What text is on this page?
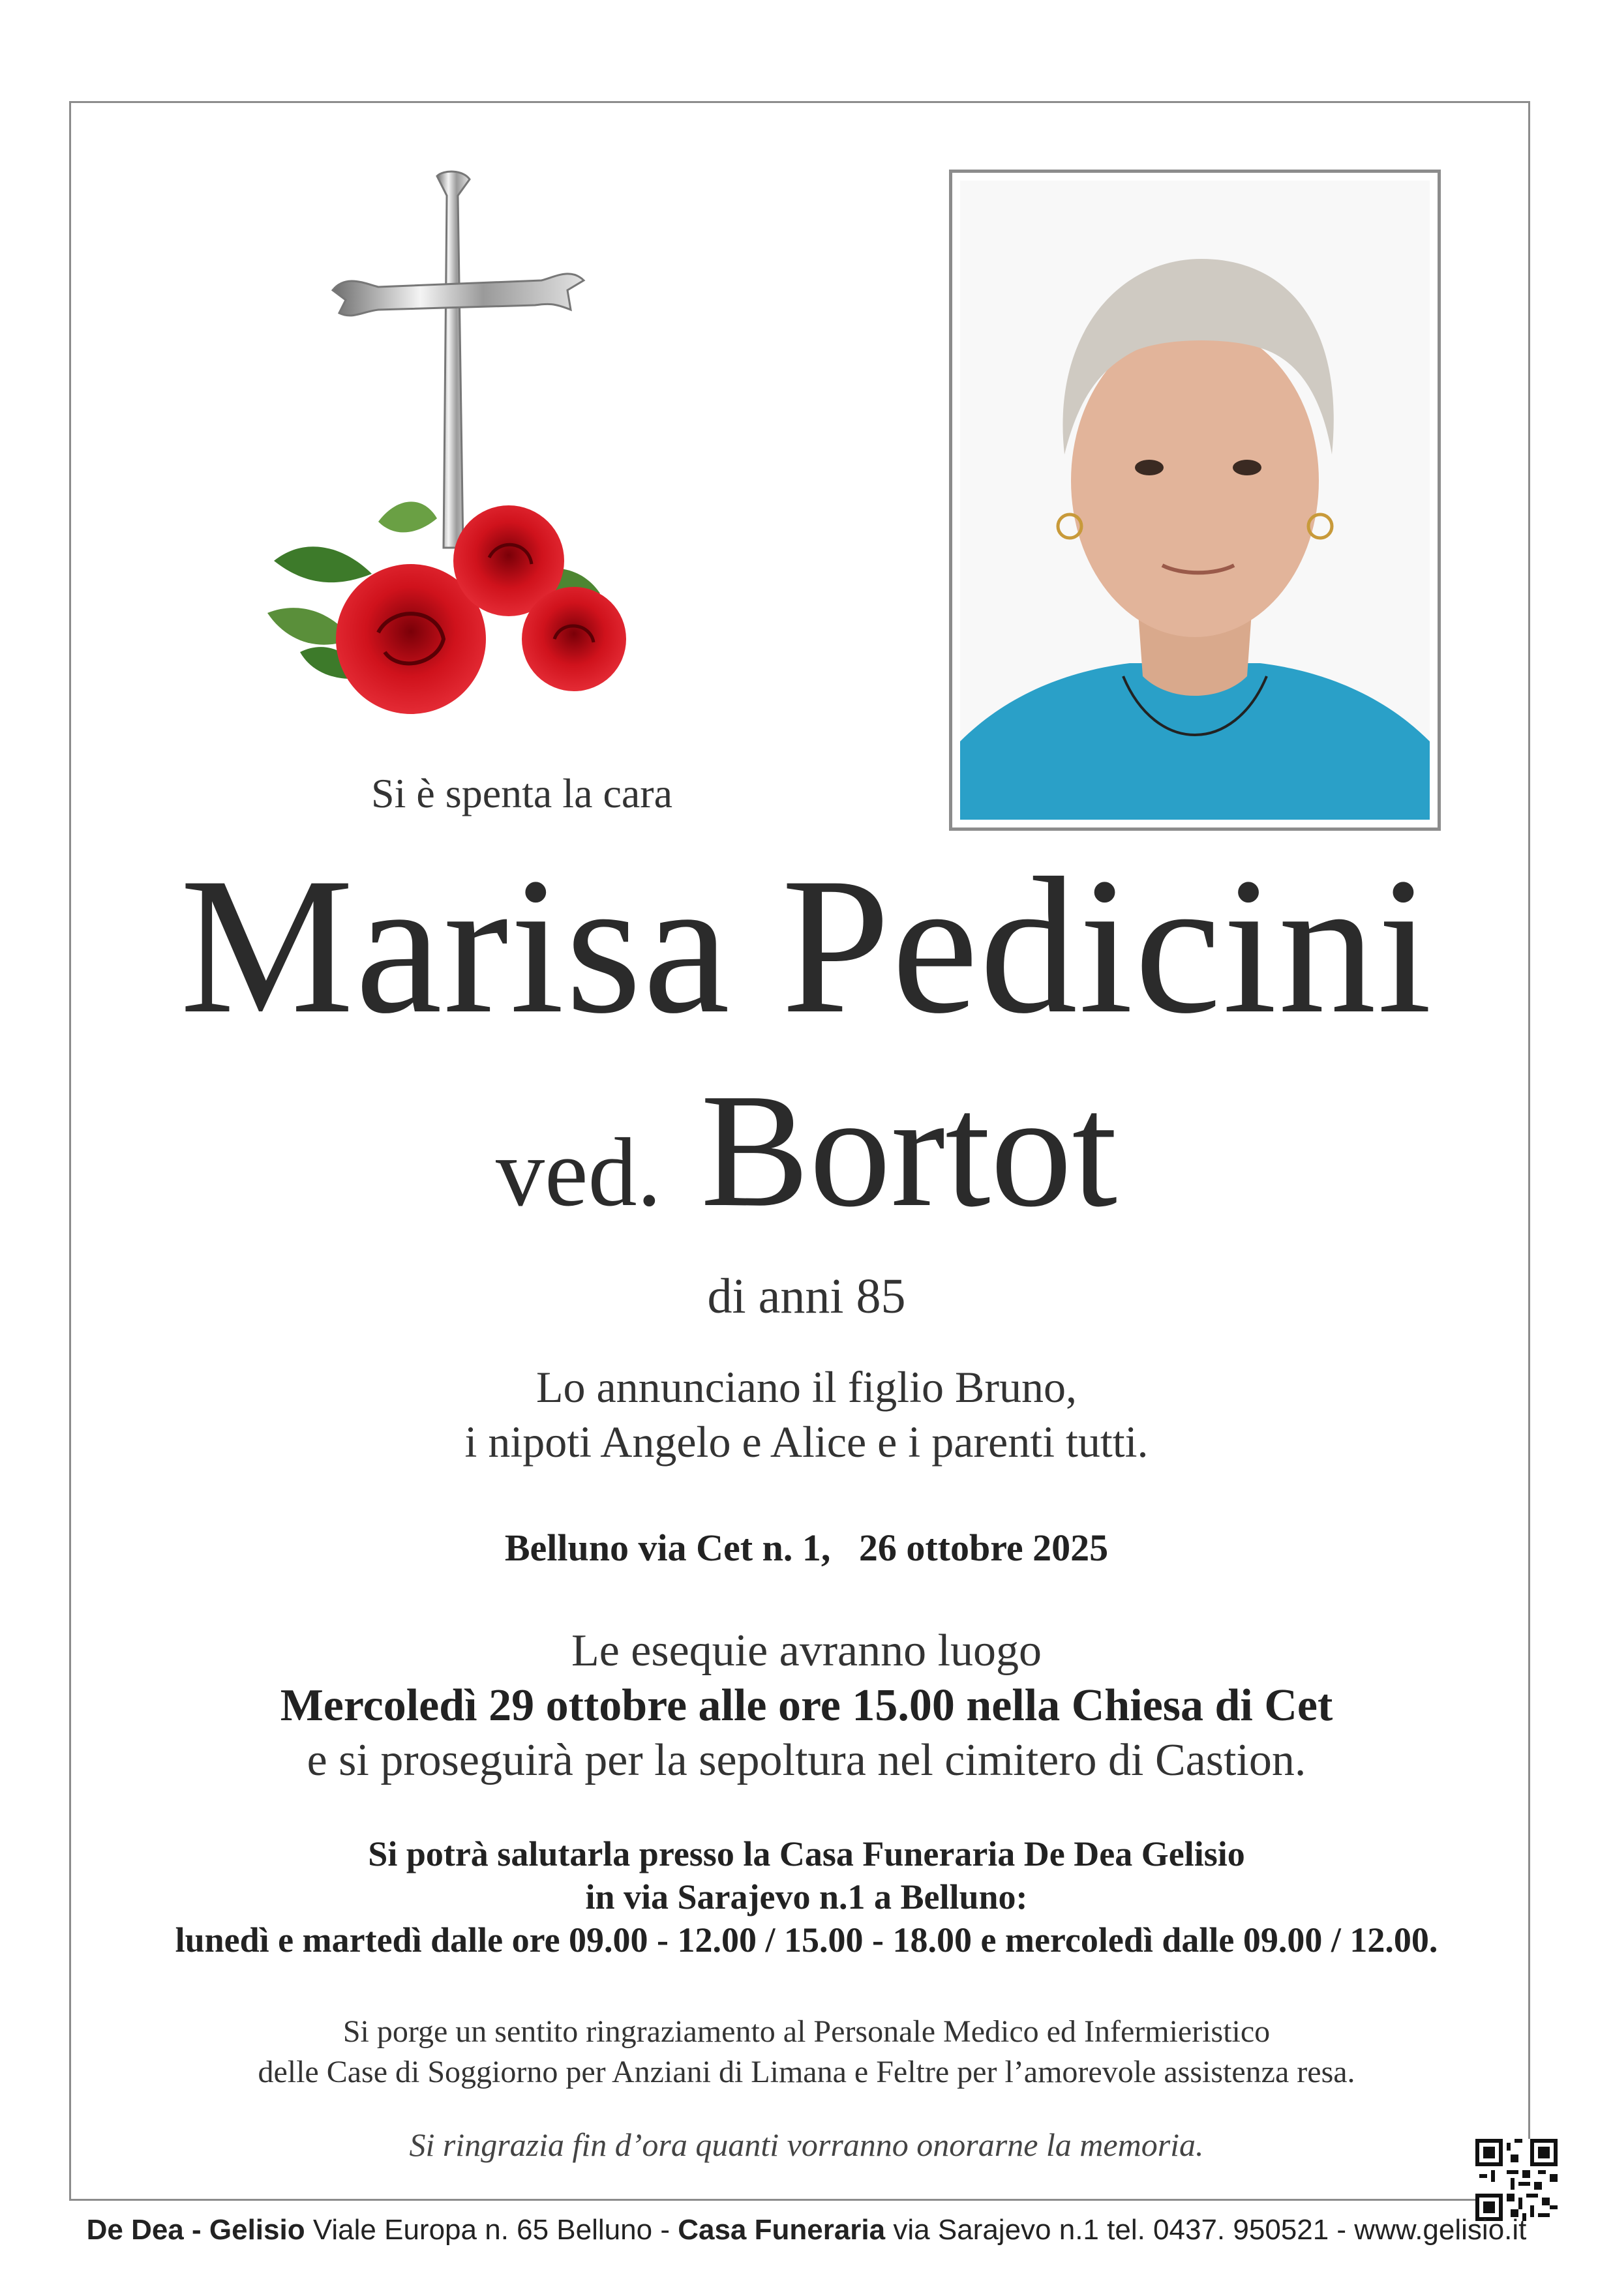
Si è spenta la cara
Marisa Pedicini
ved. Bortot
di anni 85
Lo annunciano il figlio Bruno,
i nipoti Angelo e Alice e i parenti tutti.
Belluno via Cet n. 1,   26 ottobre 2025
Le esequie avranno luogo
Mercoledì 29 ottobre alle ore 15.00 nella Chiesa di Cet
e si proseguirà per la sepoltura nel cimitero di Castion.
Si potrà salutarla presso la Casa Funeraria De Dea Gelisio
in via Sarajevo n.1 a Belluno:
lunedì e martedì dalle ore 09.00 - 12.00 / 15.00 - 18.00 e mercoledì dalle 09.00 / 12.00.
Si porge un sentito ringraziamento al Personale Medico ed Infermieristico
delle Case di Soggiorno per Anziani di Limana e Feltre per l’amorevole assistenza resa.
Si ringrazia fin d’ora quanti vorranno onorarne la memoria.
De Dea - Gelisio Viale Europa n. 65 Belluno - Casa Funeraria via Sarajevo n.1 tel. 0437. 950521 - www.gelisio.it
